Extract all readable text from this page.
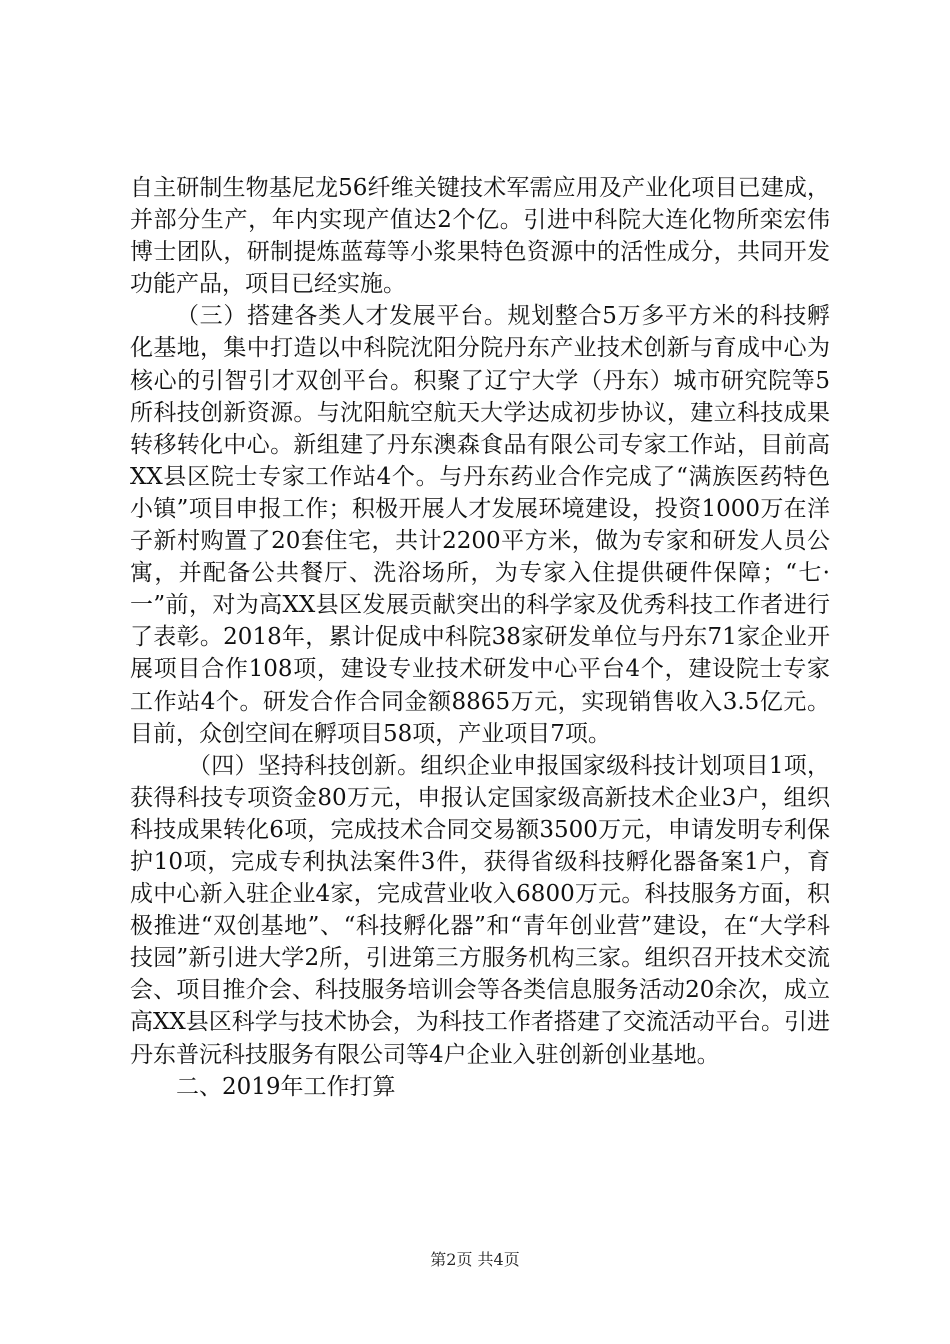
自主研制生物基尼龙56纤维关键技术军需应用及产业化项目已建成，并部分生产，年内实现产值达2个亿。引进中科院大连化物所栾宏伟博士团队，研制提炼蓝莓等小浆果特色资源中的活性成分，共同开发功能产品，项目已经实施。

（三）搭建各类人才发展平台。规划整合5万多平方米的科技孵化基地，集中打造以中科院沈阳分院丹东产业技术创新与育成中心为核心的引智引才双创平台。积聚了辽宁大学（丹东）城市研究院等5所科技创新资源。与沈阳航空航天大学达成初步协议，建立科技成果转移转化中心。新组建了丹东澳森食品有限公司专家工作站，目前高XX县区院士专家工作站4个。与丹东药业合作完成了“满族医药特色小镇”项目申报工作；积极开展人才发展环境建设，投资1000万在洋子新村购置了20套住宅，共计2200平方米，做为专家和研发人员公寓，并配备公共餐厅、洗浴场所，为专家入住提供硬件保障；“七·一”前，对为高XX县区发展贡献突出的科学家及优秀科技工作者进行了表彰。2018年，累计促成中科院38家研发单位与丹东71家企业开展项目合作108项，建设专业技术研发中心平台4个，建设院士专家工作站4个。研发合作合同金额8865万元，实现销售收入3.5亿元。目前，众创空间在孵项目58项，产业项目7项。

（四）坚持科技创新。组织企业申报国家级科技计划项目1项，获得科技专项资金80万元，申报认定国家级高新技术企业3户，组织科技成果转化6项，完成技术合同交易额3500万元，申请发明专利保护10项，完成专利执法案件3件，获得省级科技孵化器备案1户，育成中心新入驻企业4家，完成营业收入6800万元。科技服务方面，积极推进“双创基地”、“科技孵化器”和“青年创业营”建设，在“大学科技园”新引进大学2所，引进第三方服务机构三家。组织召开技术交流会、项目推介会、科技服务培训会等各类信息服务活动20余次，成立高XX县区科学与技术协会，为科技工作者搭建了交流活动平台。引进丹东普沅科技服务有限公司等4户企业入驻创新创业基地。

二、2019年工作打算

第2页 共4页
